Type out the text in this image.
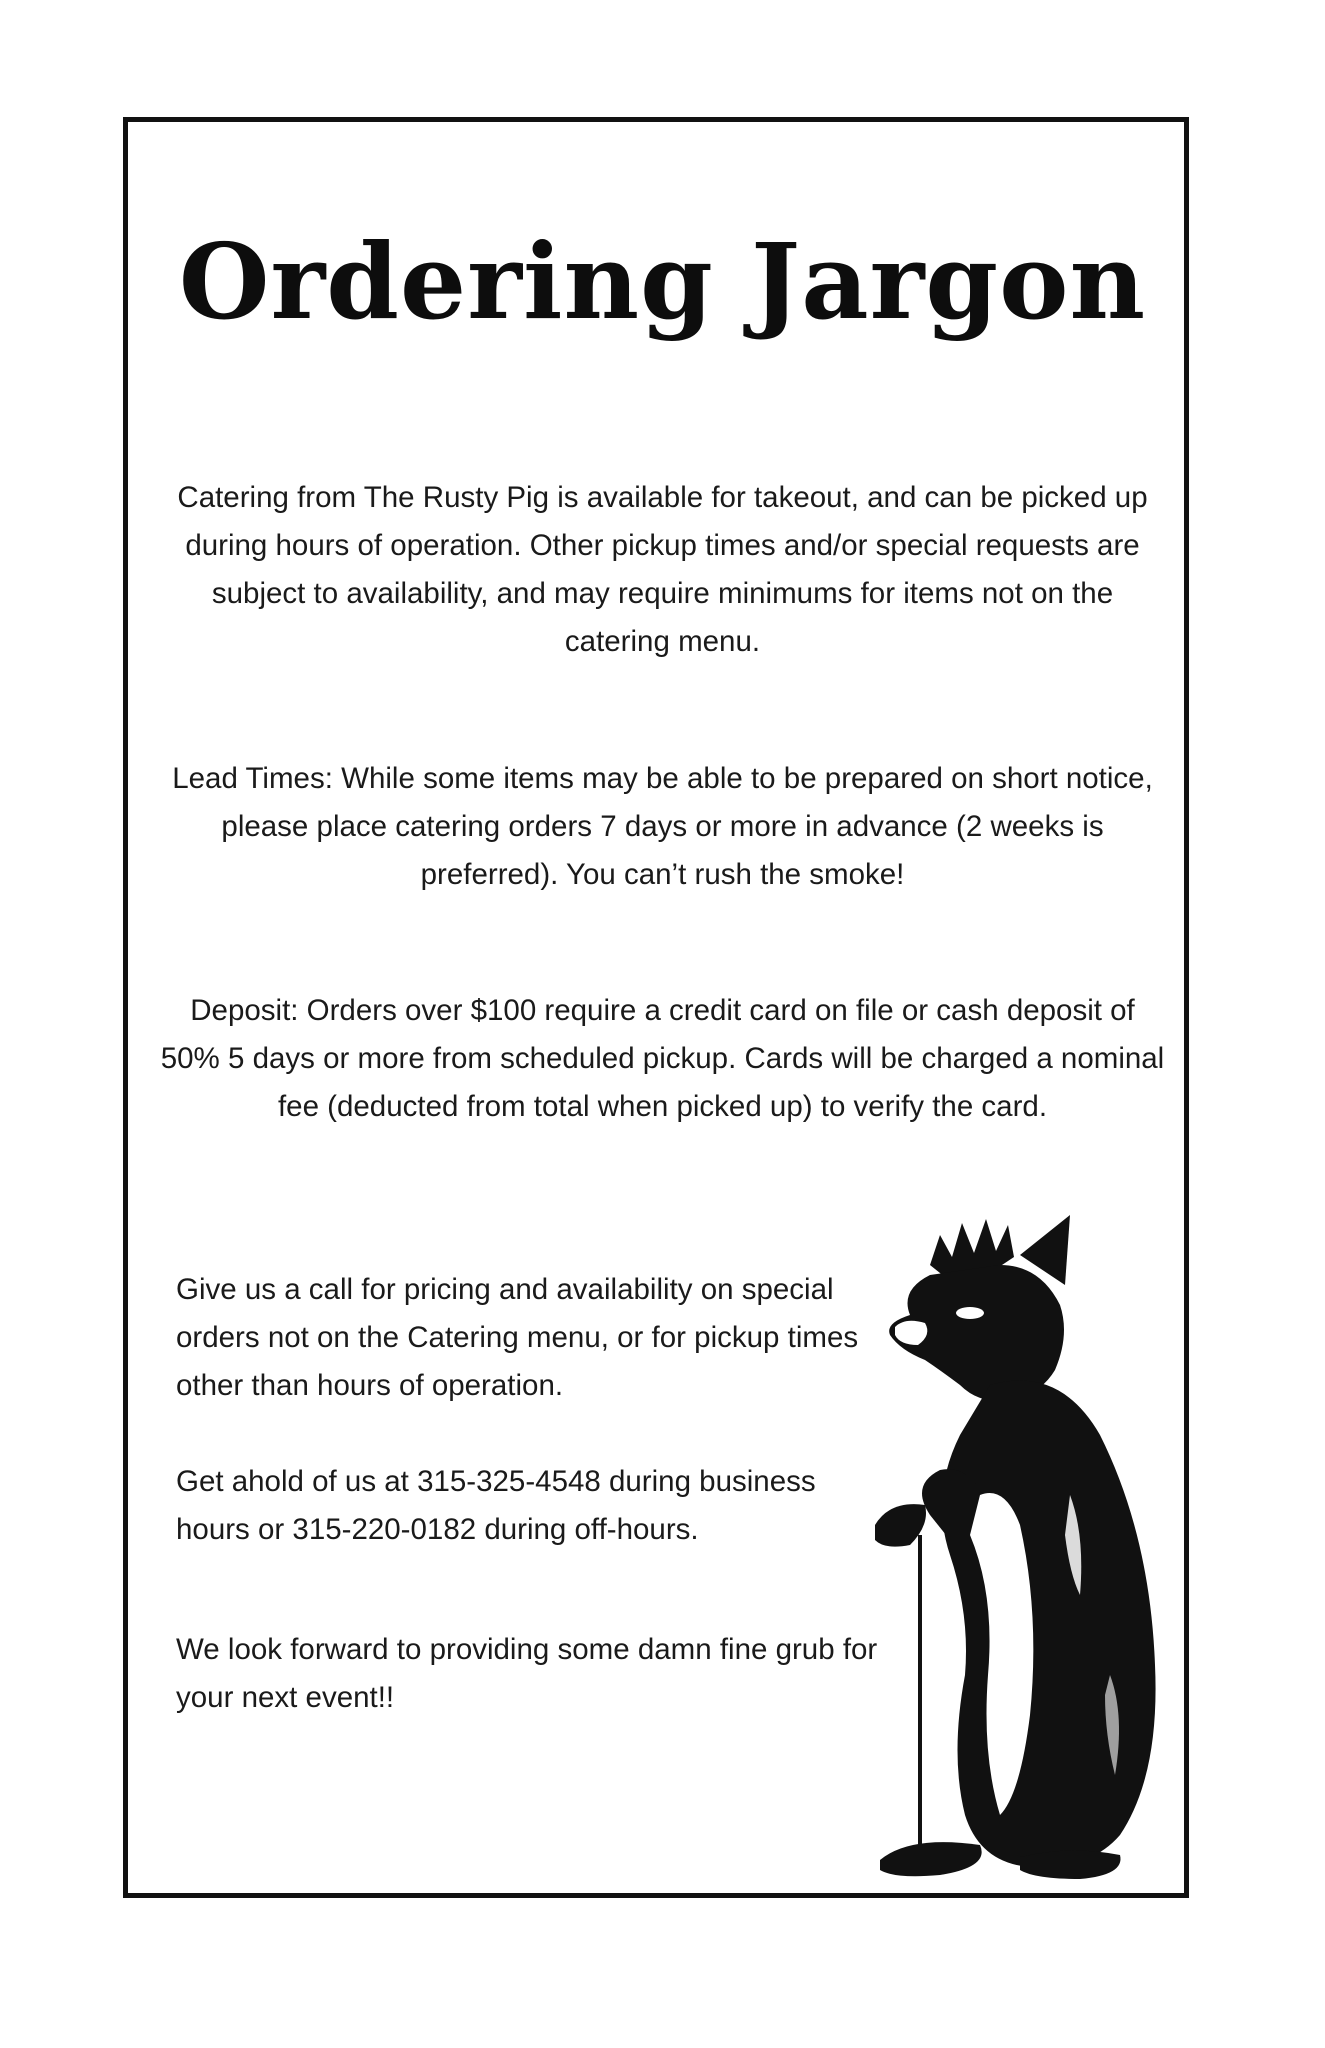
Ordering Jargon

Catering from The Rusty Pig is available for takeout, and can be picked up during hours of operation. Other pickup times and/or special requests are subject to availability, and may require minimums for items not on the catering menu.

Lead Times: While some items may be able to be prepared on short notice, please place catering orders 7 days or more in advance (2 weeks is preferred). You can’t rush the smoke!

Deposit: Orders over $100 require a credit card on file or cash deposit of 50% 5 days or more from scheduled pickup. Cards will be charged a nominal fee (deducted from total when picked up) to verify the card.

Give us a call for pricing and availability on special orders not on the Catering menu, or for pickup times other than hours of operation.

Get ahold of us at 315-325-4548 during business hours or 315-220-0182 during off-hours.

We look forward to providing some damn fine grub for your next event!!
